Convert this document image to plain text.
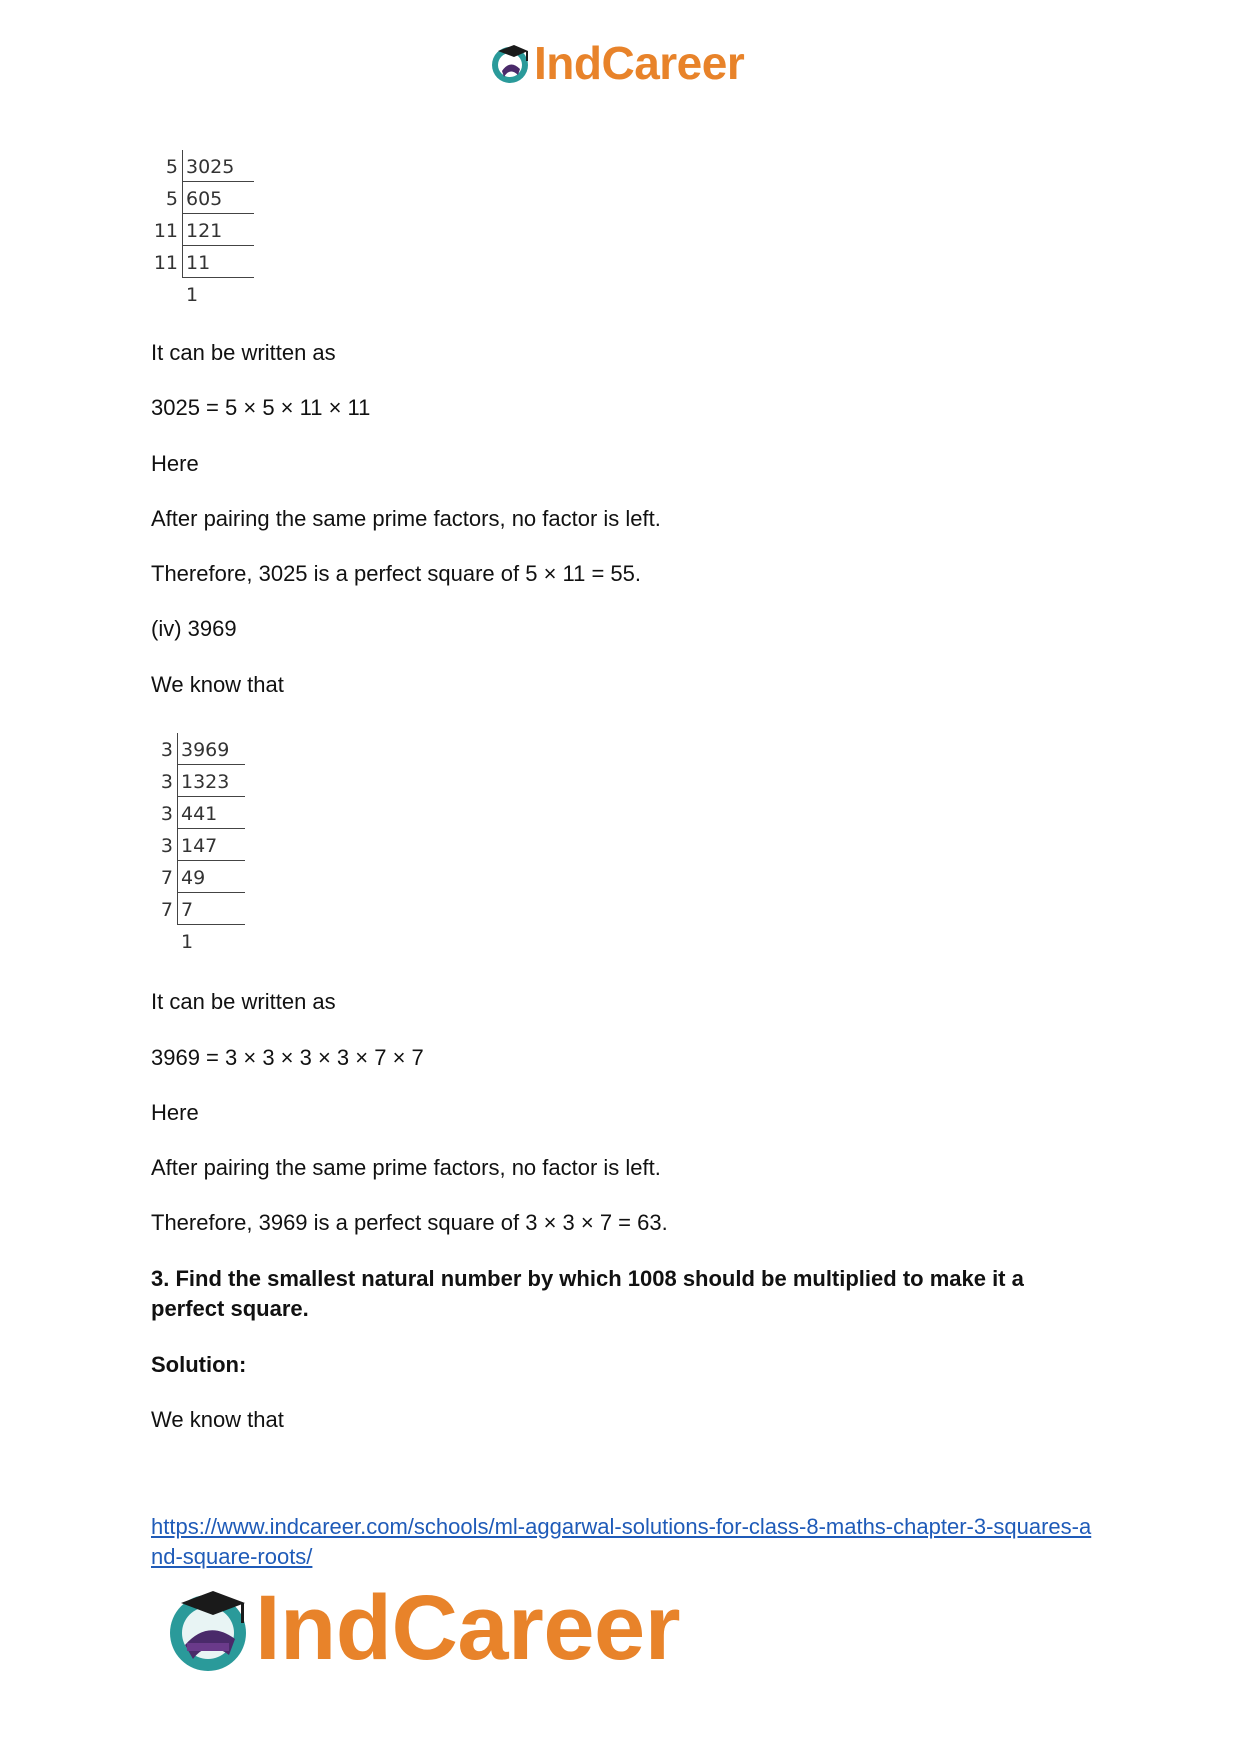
IndCareer
5 3025
5 605
11 121
11 11
1
It can be written as
3025 = 5 × 5 × 11 × 11
Here
After pairing the same prime factors, no factor is left.
Therefore, 3025 is a perfect square of 5 × 11 = 55.
(iv) 3969
We know that
3 3969
3 1323
3 441
3 147
7 49
7 7
1
It can be written as
3969 = 3 × 3 × 3 × 3 × 7 × 7
Here
After pairing the same prime factors, no factor is left.
Therefore, 3969 is a perfect square of 3 × 3 × 7 = 63.
3. Find the smallest natural number by which 1008 should be multiplied to make it a perfect square.
Solution:
We know that
https://www.indcareer.com/schools/ml-aggarwal-solutions-for-class-8-maths-chapter-3-squares-and-square-roots/
IndCareer
